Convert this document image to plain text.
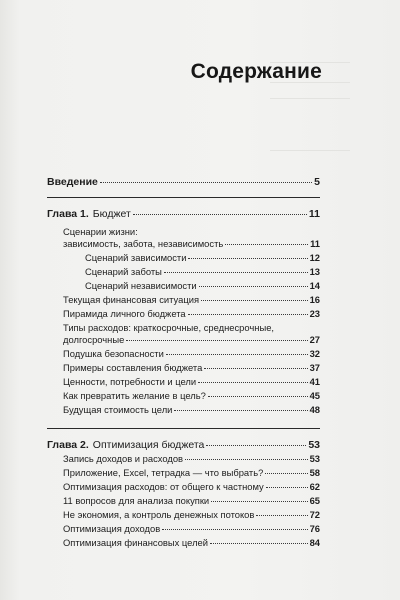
Содержание
Введение	5
Глава 1. Бюджет	11
Сценарии жизни:
зависимость, забота, независимость	11
Сценарий зависимости	12
Сценарий заботы	13
Сценарий независимости	14
Текущая финансовая ситуация	16
Пирамида личного бюджета	23
Типы расходов: краткосрочные, среднесрочные,
долгосрочные	27
Подушка безопасности	32
Примеры составления бюджета	37
Ценности, потребности и цели	41
Как превратить желание в цель?	45
Будущая стоимость цели	48
Глава 2. Оптимизация бюджета	53
Запись доходов и расходов	53
Приложение, Excel, тетрадка — что выбрать?	58
Оптимизация расходов: от общего к частному	62
11 вопросов для анализа покупки	65
Не экономия, а контроль денежных потоков	72
Оптимизация доходов	76
Оптимизация финансовых целей	84
